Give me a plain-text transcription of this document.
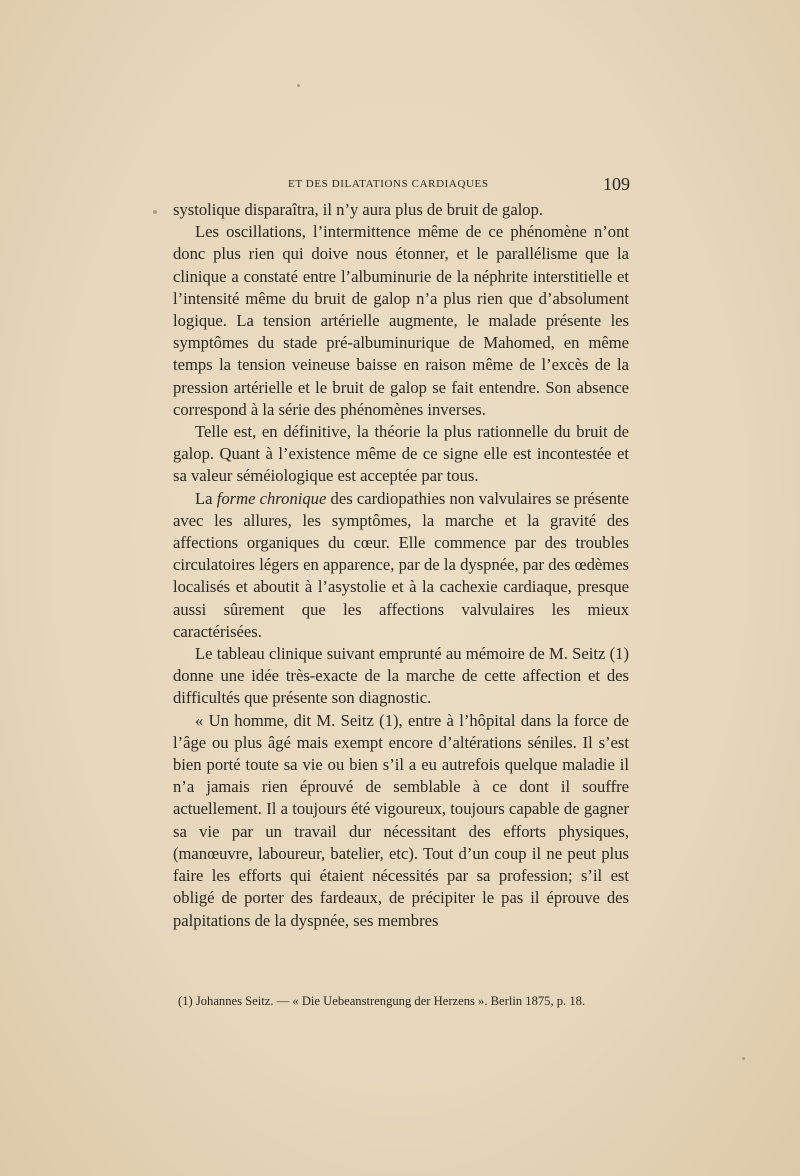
ET DES DILATATIONS CARDIAQUES	109

systolique disparaîtra, il n’y aura plus de bruit de galop.

Les oscillations, l’intermittence même de ce phénomène n’ont donc plus rien qui doive nous étonner, et le parallélisme que la clinique a constaté entre l’albuminurie de la néphrite interstitielle et l’intensité même du bruit de galop n’a plus rien que d’absolument logique. La tension artérielle augmente, le malade présente les symptômes du stade pré-albuminurique de Mahomed, en même temps la tension veineuse baisse en raison même de l’excès de la pression artérielle et le bruit de galop se fait entendre. Son absence correspond à la série des phénomènes inverses.

Telle est, en définitive, la théorie la plus rationnelle du bruit de galop. Quant à l’existence même de ce signe elle est incontestée et sa valeur séméiologique est acceptée par tous.

La forme chronique des cardiopathies non valvulaires se présente avec les allures, les symptômes, la marche et la gravité des affections organiques du cœur. Elle commence par des troubles circulatoires légers en apparence, par de la dyspnée, par des œdèmes localisés et aboutit à l’asystolie et à la cachexie cardiaque, presque aussi sûrement que les affections valvulaires les mieux caractérisées.

Le tableau clinique suivant emprunté au mémoire de M. Seitz (1) donne une idée très-exacte de la marche de cette affection et des difficultés que présente son diagnostic.

« Un homme, dit M. Seitz (1), entre à l’hôpital dans la force de l’âge ou plus âgé mais exempt encore d’altérations séniles. Il s’est bien porté toute sa vie ou bien s’il a eu autrefois quelque maladie il n’a jamais rien éprouvé de semblable à ce dont il souffre actuellement. Il a toujours été vigoureux, toujours capable de gagner sa vie par un travail dur nécessitant des efforts physiques, (manœuvre, laboureur, batelier, etc). Tout d’un coup il ne peut plus faire les efforts qui étaient nécessités par sa profession; s’il est obligé de porter des fardeaux, de précipiter le pas il éprouve des palpitations de la dyspnée, ses membres

(1) Johannes Seitz. — « Die Uebeanstrengung der Herzens ». Berlin 1875, p. 18.
